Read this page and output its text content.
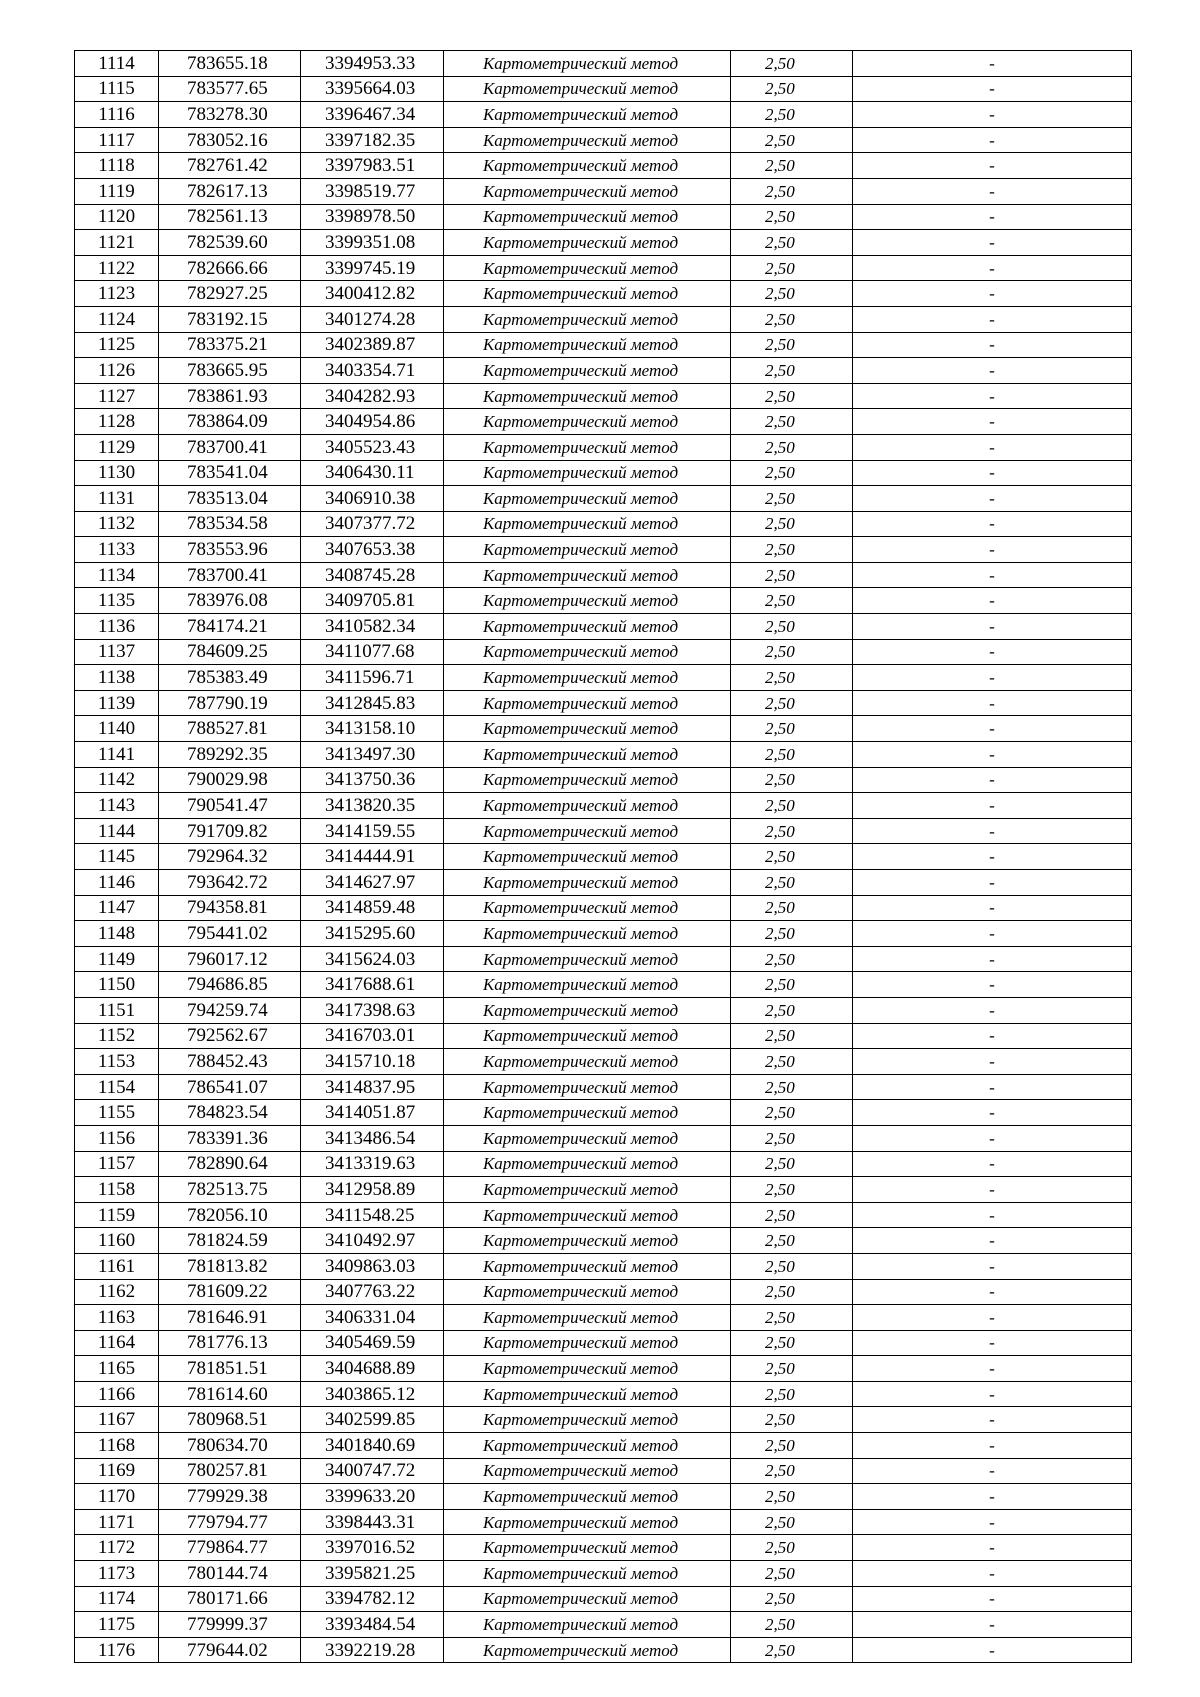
1114	783655.18	3394953.33	Картометрический метод	2,50	-
1115	783577.65	3395664.03	Картометрический метод	2,50	-
1116	783278.30	3396467.34	Картометрический метод	2,50	-
1117	783052.16	3397182.35	Картометрический метод	2,50	-
1118	782761.42	3397983.51	Картометрический метод	2,50	-
1119	782617.13	3398519.77	Картометрический метод	2,50	-
1120	782561.13	3398978.50	Картометрический метод	2,50	-
1121	782539.60	3399351.08	Картометрический метод	2,50	-
1122	782666.66	3399745.19	Картометрический метод	2,50	-
1123	782927.25	3400412.82	Картометрический метод	2,50	-
1124	783192.15	3401274.28	Картометрический метод	2,50	-
1125	783375.21	3402389.87	Картометрический метод	2,50	-
1126	783665.95	3403354.71	Картометрический метод	2,50	-
1127	783861.93	3404282.93	Картометрический метод	2,50	-
1128	783864.09	3404954.86	Картометрический метод	2,50	-
1129	783700.41	3405523.43	Картометрический метод	2,50	-
1130	783541.04	3406430.11	Картометрический метод	2,50	-
1131	783513.04	3406910.38	Картометрический метод	2,50	-
1132	783534.58	3407377.72	Картометрический метод	2,50	-
1133	783553.96	3407653.38	Картометрический метод	2,50	-
1134	783700.41	3408745.28	Картометрический метод	2,50	-
1135	783976.08	3409705.81	Картометрический метод	2,50	-
1136	784174.21	3410582.34	Картометрический метод	2,50	-
1137	784609.25	3411077.68	Картометрический метод	2,50	-
1138	785383.49	3411596.71	Картометрический метод	2,50	-
1139	787790.19	3412845.83	Картометрический метод	2,50	-
1140	788527.81	3413158.10	Картометрический метод	2,50	-
1141	789292.35	3413497.30	Картометрический метод	2,50	-
1142	790029.98	3413750.36	Картометрический метод	2,50	-
1143	790541.47	3413820.35	Картометрический метод	2,50	-
1144	791709.82	3414159.55	Картометрический метод	2,50	-
1145	792964.32	3414444.91	Картометрический метод	2,50	-
1146	793642.72	3414627.97	Картометрический метод	2,50	-
1147	794358.81	3414859.48	Картометрический метод	2,50	-
1148	795441.02	3415295.60	Картометрический метод	2,50	-
1149	796017.12	3415624.03	Картометрический метод	2,50	-
1150	794686.85	3417688.61	Картометрический метод	2,50	-
1151	794259.74	3417398.63	Картометрический метод	2,50	-
1152	792562.67	3416703.01	Картометрический метод	2,50	-
1153	788452.43	3415710.18	Картометрический метод	2,50	-
1154	786541.07	3414837.95	Картометрический метод	2,50	-
1155	784823.54	3414051.87	Картометрический метод	2,50	-
1156	783391.36	3413486.54	Картометрический метод	2,50	-
1157	782890.64	3413319.63	Картометрический метод	2,50	-
1158	782513.75	3412958.89	Картометрический метод	2,50	-
1159	782056.10	3411548.25	Картометрический метод	2,50	-
1160	781824.59	3410492.97	Картометрический метод	2,50	-
1161	781813.82	3409863.03	Картометрический метод	2,50	-
1162	781609.22	3407763.22	Картометрический метод	2,50	-
1163	781646.91	3406331.04	Картометрический метод	2,50	-
1164	781776.13	3405469.59	Картометрический метод	2,50	-
1165	781851.51	3404688.89	Картометрический метод	2,50	-
1166	781614.60	3403865.12	Картометрический метод	2,50	-
1167	780968.51	3402599.85	Картометрический метод	2,50	-
1168	780634.70	3401840.69	Картометрический метод	2,50	-
1169	780257.81	3400747.72	Картометрический метод	2,50	-
1170	779929.38	3399633.20	Картометрический метод	2,50	-
1171	779794.77	3398443.31	Картометрический метод	2,50	-
1172	779864.77	3397016.52	Картометрический метод	2,50	-
1173	780144.74	3395821.25	Картометрический метод	2,50	-
1174	780171.66	3394782.12	Картометрический метод	2,50	-
1175	779999.37	3393484.54	Картометрический метод	2,50	-
1176	779644.02	3392219.28	Картометрический метод	2,50	-
